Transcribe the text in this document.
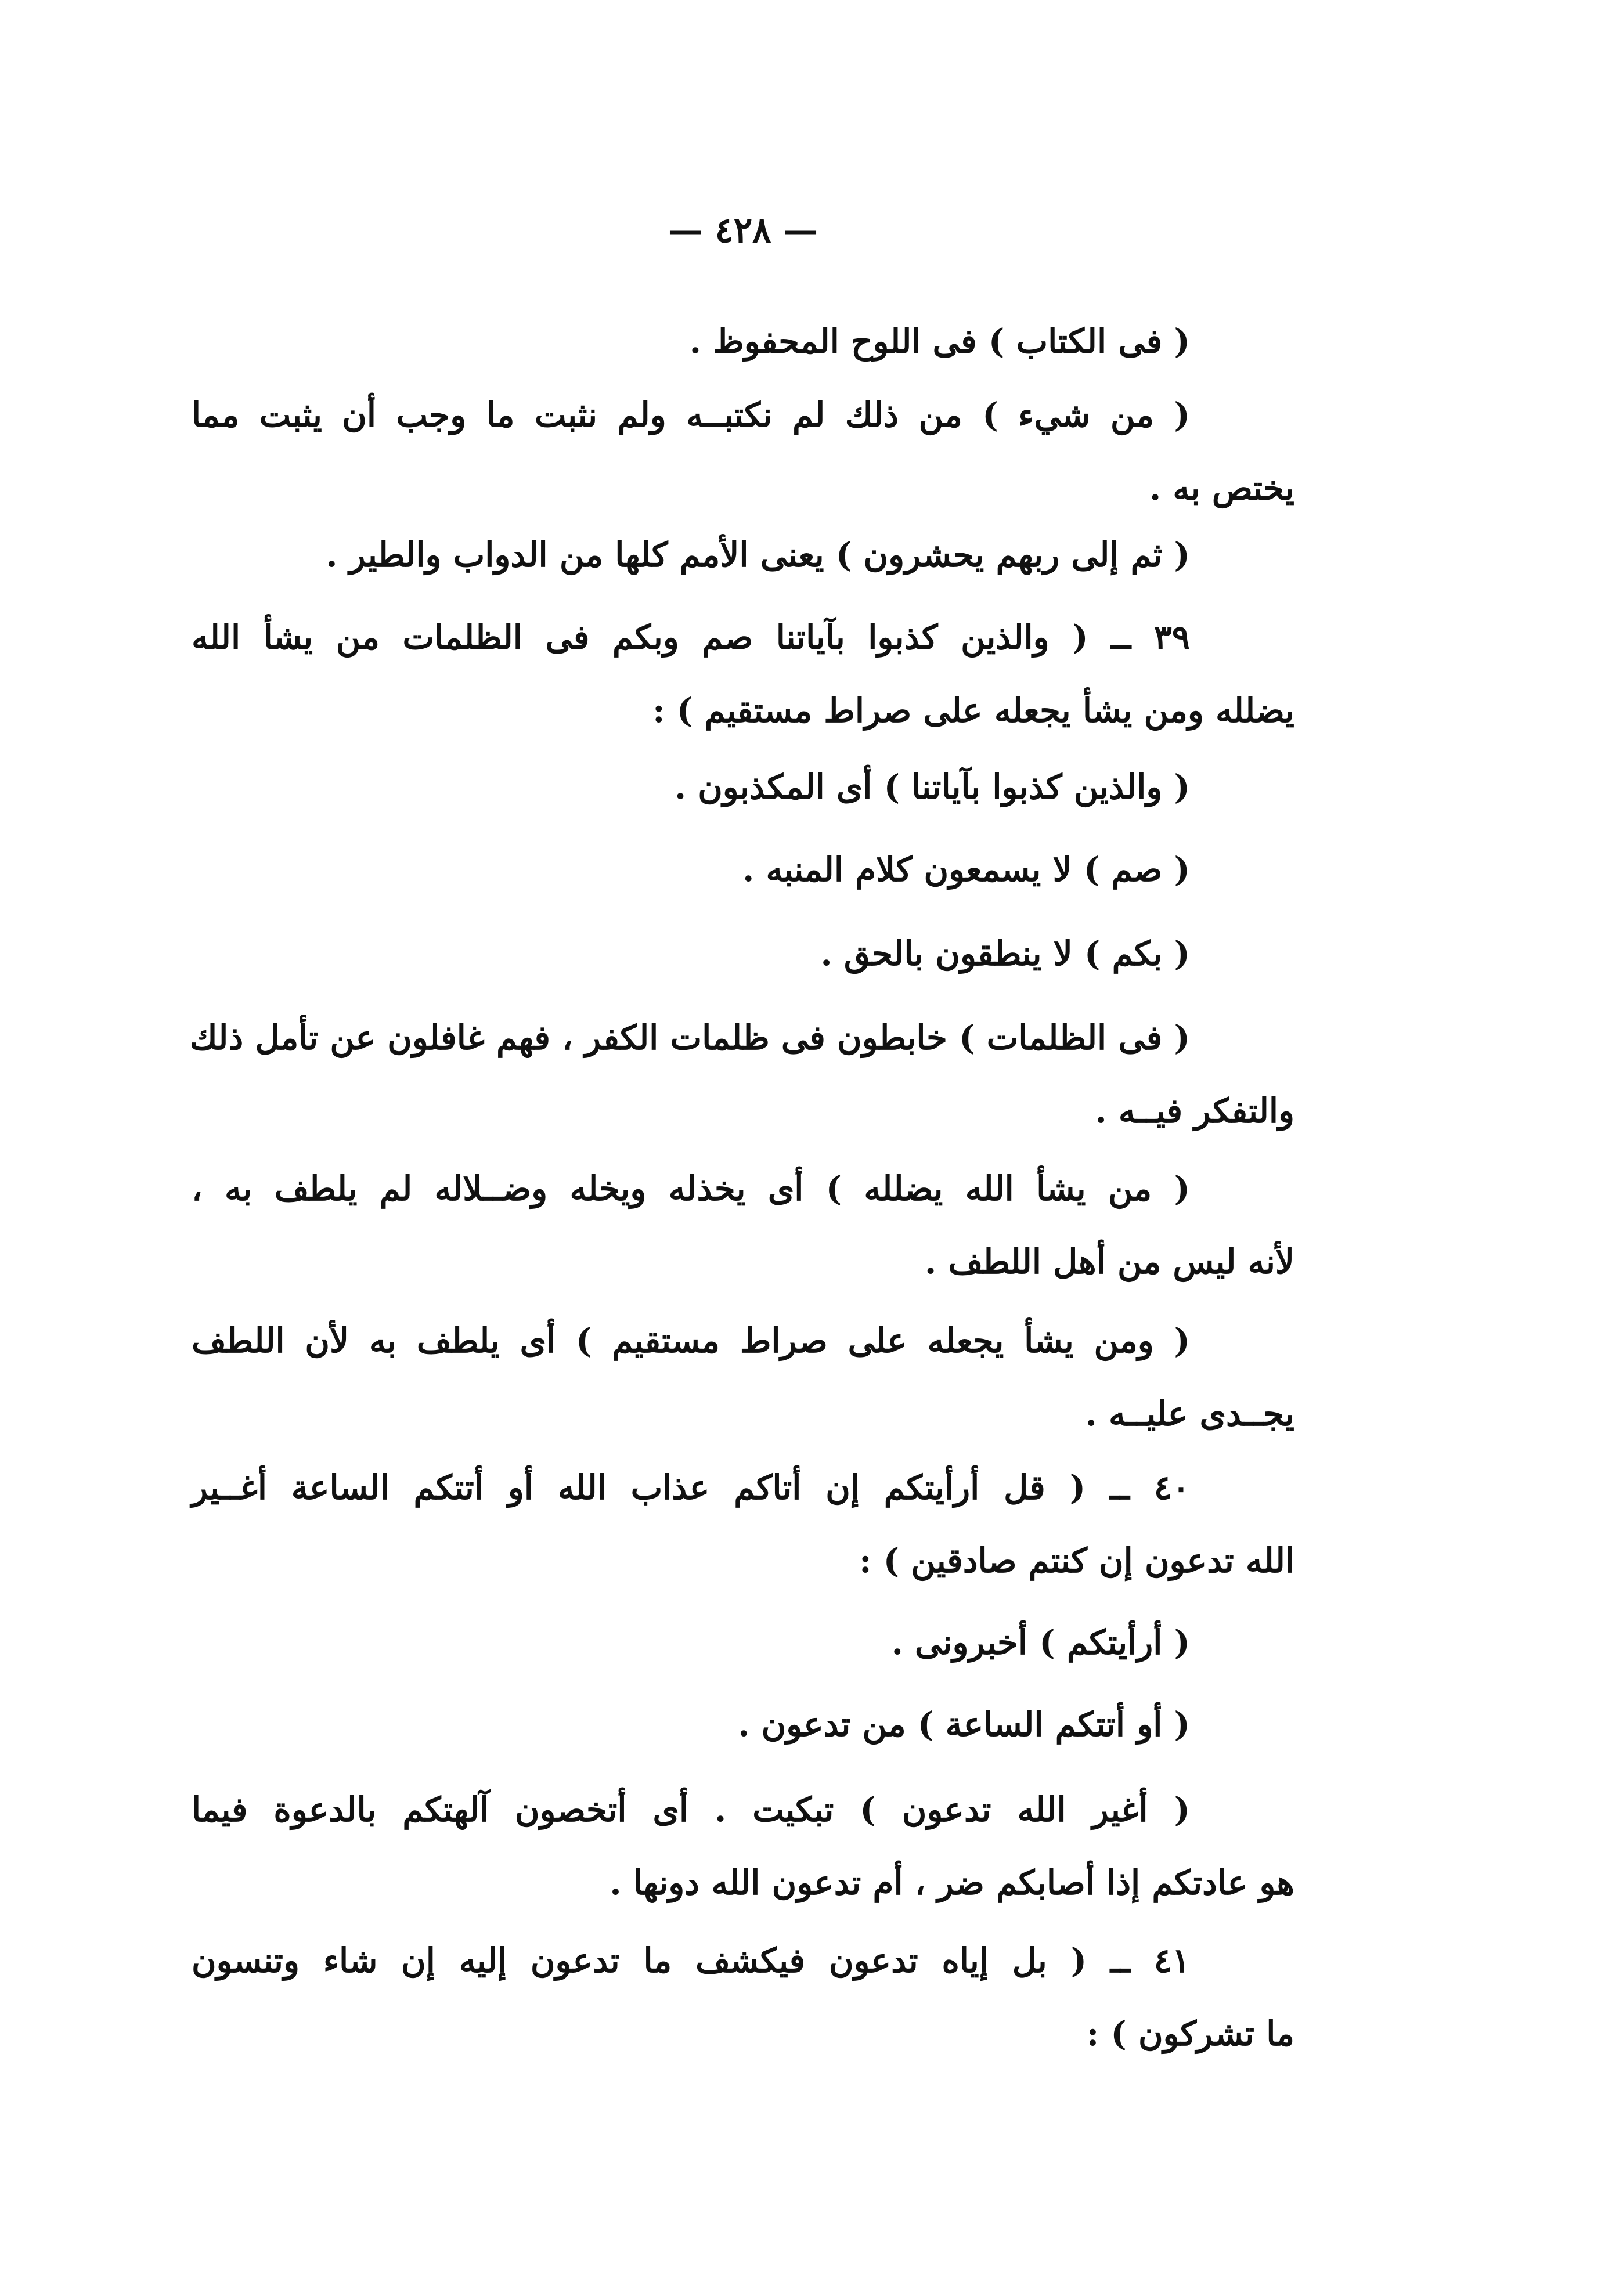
— ٤٢٨ —
( فى الكتاب ) فى اللوح المحفوظ .
( من شيء ) من ذلك لم نكتبــه ولم نثبت ما وجب أن يثبت مما
يختص به .
( ثم إلى ربهم يحشرون ) يعنى الأمم كلها من الدواب والطير .
٣٩ ــ ( والذين كذبوا بآياتنا صم وبكم فى الظلمات من يشأ الله
يضلله ومن يشأ يجعله على صراط مستقيم ) :
( والذين كذبوا بآياتنا ) أى المكذبون .
( صم ) لا يسمعون كلام المنبه .
( بكم ) لا ينطقون بالحق .
( فى الظلمات ) خابطون فى ظلمات الكفر ، فهم غافلون عن تأمل ذلك
والتفكر فيــه .
( من يشأ الله يضلله ) أى يخذله ويخله وضــلاله لم يلطف به ،
لأنه ليس من أهل اللطف .
( ومن يشأ يجعله على صراط مستقيم ) أى يلطف به لأن اللطف
يجــدى عليــه .
٤٠ ــ ( قل أرأيتكم إن أتاكم عذاب الله أو أتتكم الساعة أغــير
الله تدعون إن كنتم صادقين ) :
( أرأيتكم ) أخبرونى .
( أو أتتكم الساعة ) من تدعون .
( أغير الله تدعون ) تبكيت . أى أتخصون آلهتكم بالدعوة فيما
هو عادتكم إذا أصابكم ضر ، أم تدعون الله دونها .
٤١ ــ ( بل إياه تدعون فيكشف ما تدعون إليه إن شاء وتنسون
ما تشركون ) :
